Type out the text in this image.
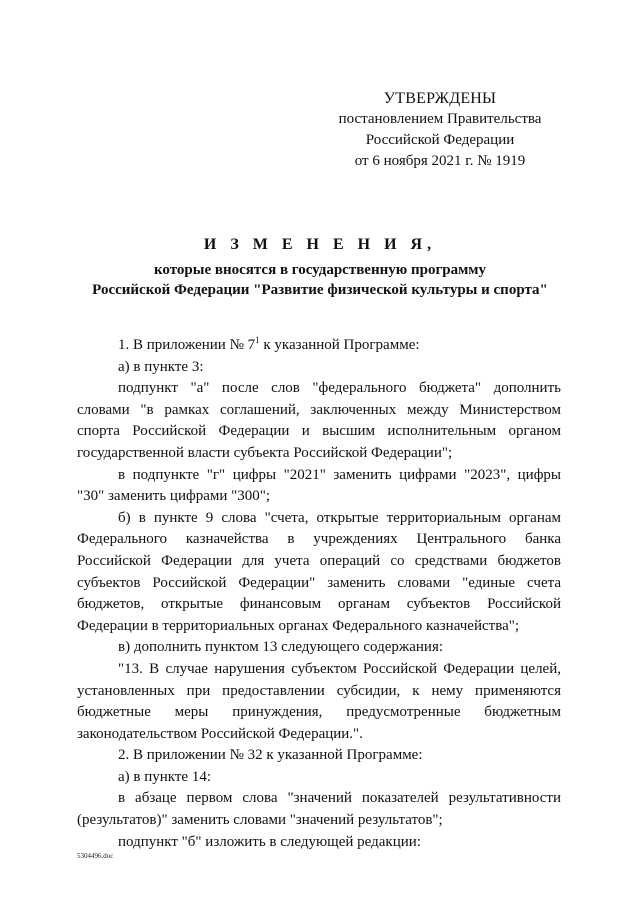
УТВЕРЖДЕНЫ
постановлением Правительства
Российской Федерации
от 6 ноября 2021 г. № 1919
И З М Е Н Е Н И Я,
которые вносятся в государственную программу
Российской Федерации "Развитие физической культуры и спорта"

1. В приложении № $7^1$ к указанной Программе:

а) в пункте 3:

подпункт "а" после слов "федерального бюджета" дополнить словами "в рамках соглашений, заключенных между Министерством спорта Российской Федерации и высшим исполнительным органом государственной власти субъекта Российской Федерации";

в подпункте "г" цифры "2021" заменить цифрами "2023", цифры "30" заменить цифрами "300";

б) в пункте 9 слова "счета, открытые территориальным органам Федерального казначейства в учреждениях Центрального банка Российской Федерации для учета операций со средствами бюджетов субъектов Российской Федерации" заменить словами "единые счета бюджетов, открытые финансовым органам субъектов Российской Федерации в территориальных органах Федерального казначейства";

в) дополнить пунктом 13 следующего содержания:

"13. В случае нарушения субъектом Российской Федерации целей, установленных при предоставлении субсидии, к нему применяются бюджетные меры принуждения, предусмотренные бюджетным законодательством Российской Федерации.".

2. В приложении № 32 к указанной Программе:

а) в пункте 14:

в абзаце первом слова "значений показателей результативности (результатов)" заменить словами "значений результатов";

подпункт "б" изложить в следующей редакции:

5304496.doc
